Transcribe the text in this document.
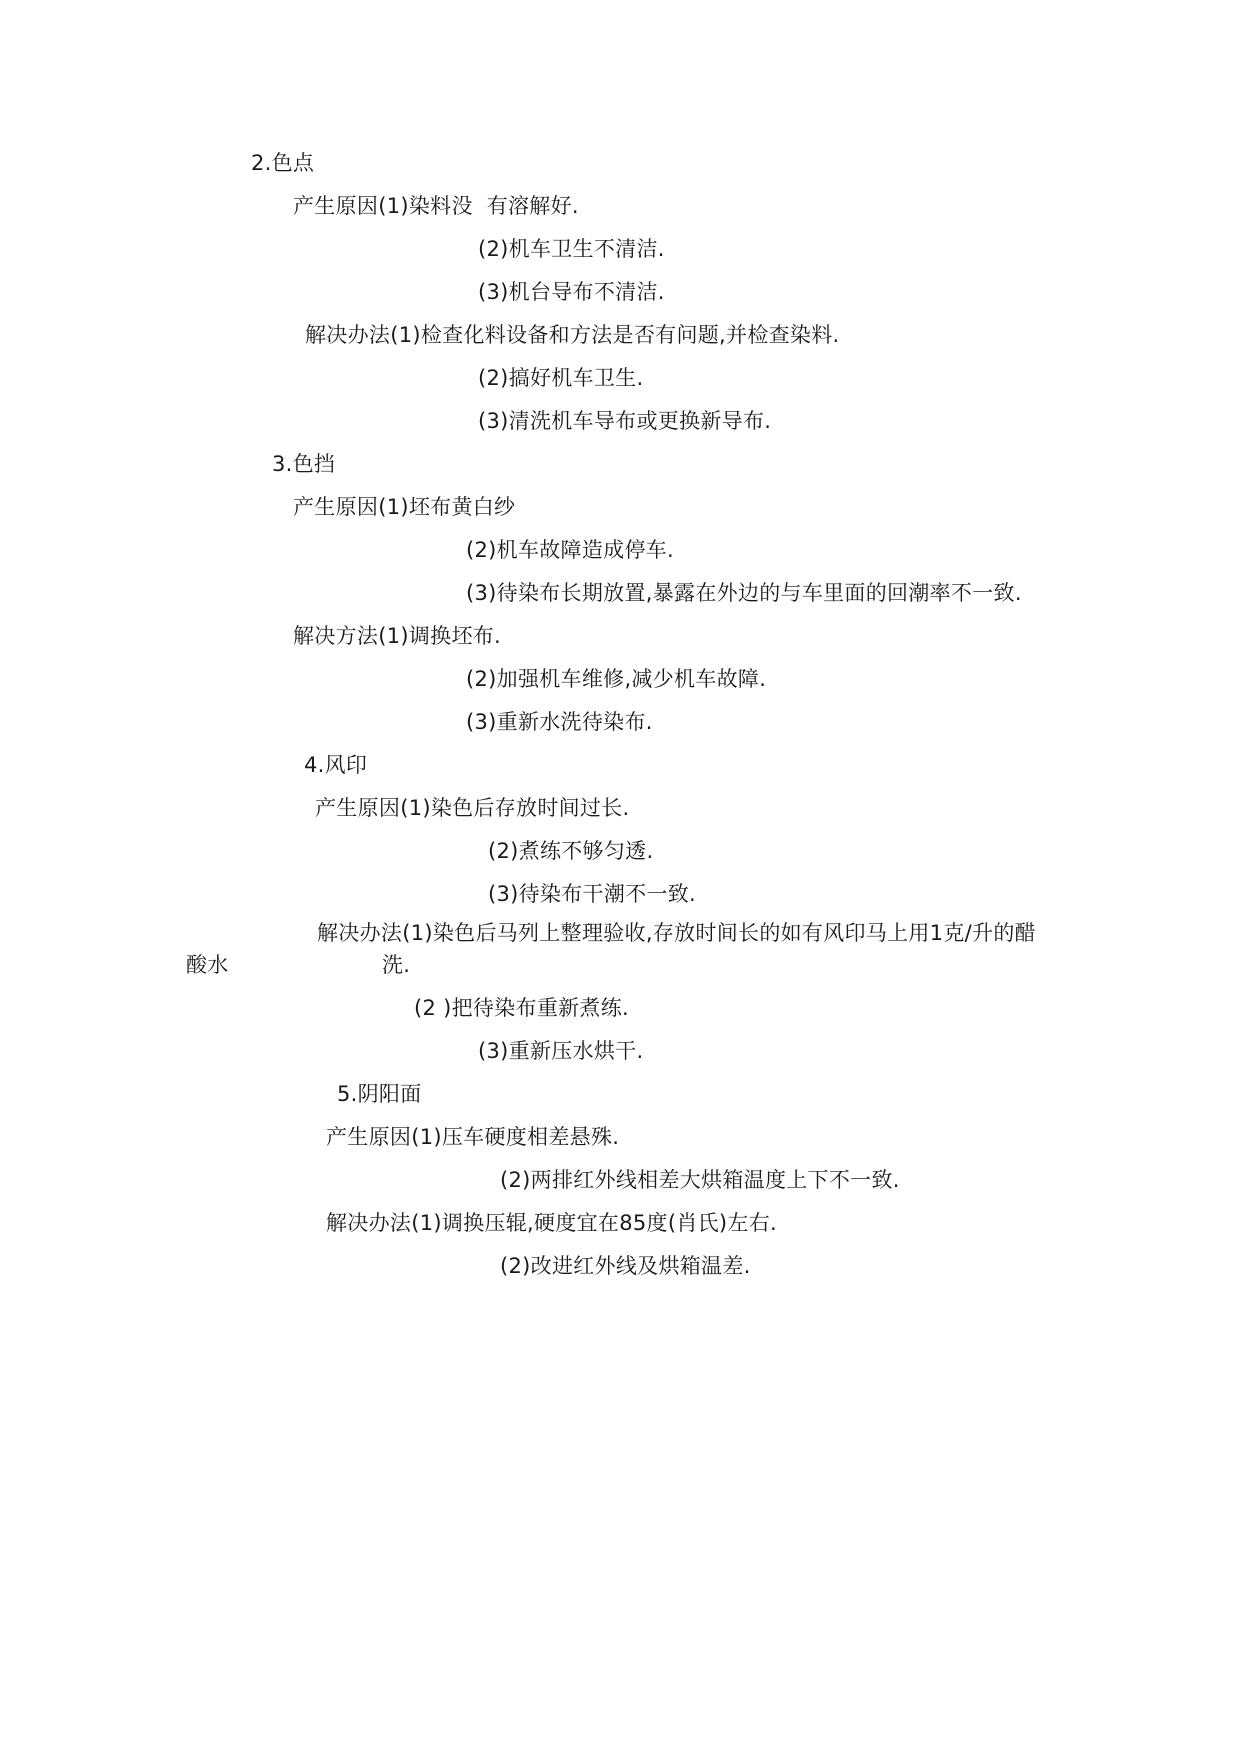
2.色点
产生原因(1)染料没  有溶解好.
(2)机车卫生不清洁.
(3)机台导布不清洁.
解决办法(1)检查化料设备和方法是否有问题,并检查染料.
(2)搞好机车卫生.
(3)清洗机车导布或更换新导布.
3.色挡
产生原因(1)坯布黄白纱
(2)机车故障造成停车.
(3)待染布长期放置,暴露在外边的与车里面的回潮率不一致.
解决方法(1)调换坯布.
(2)加强机车维修,减少机车故障.
(3)重新水洗待染布.
4.风印
产生原因(1)染色后存放时间过长.
(2)煮练不够匀透.
(3)待染布干潮不一致.
解决办法(1)染色后马列上整理验收,存放时间长的如有风印马上用1克/升的醋
酸水	洗.
(2 )把待染布重新煮练.
(3)重新压水烘干.
5.阴阳面
产生原因(1)压车硬度相差悬殊.
(2)两排红外线相差大烘箱温度上下不一致.
解决办法(1)调换压辊,硬度宜在85度(肖氏)左右.
(2)改进红外线及烘箱温差.
